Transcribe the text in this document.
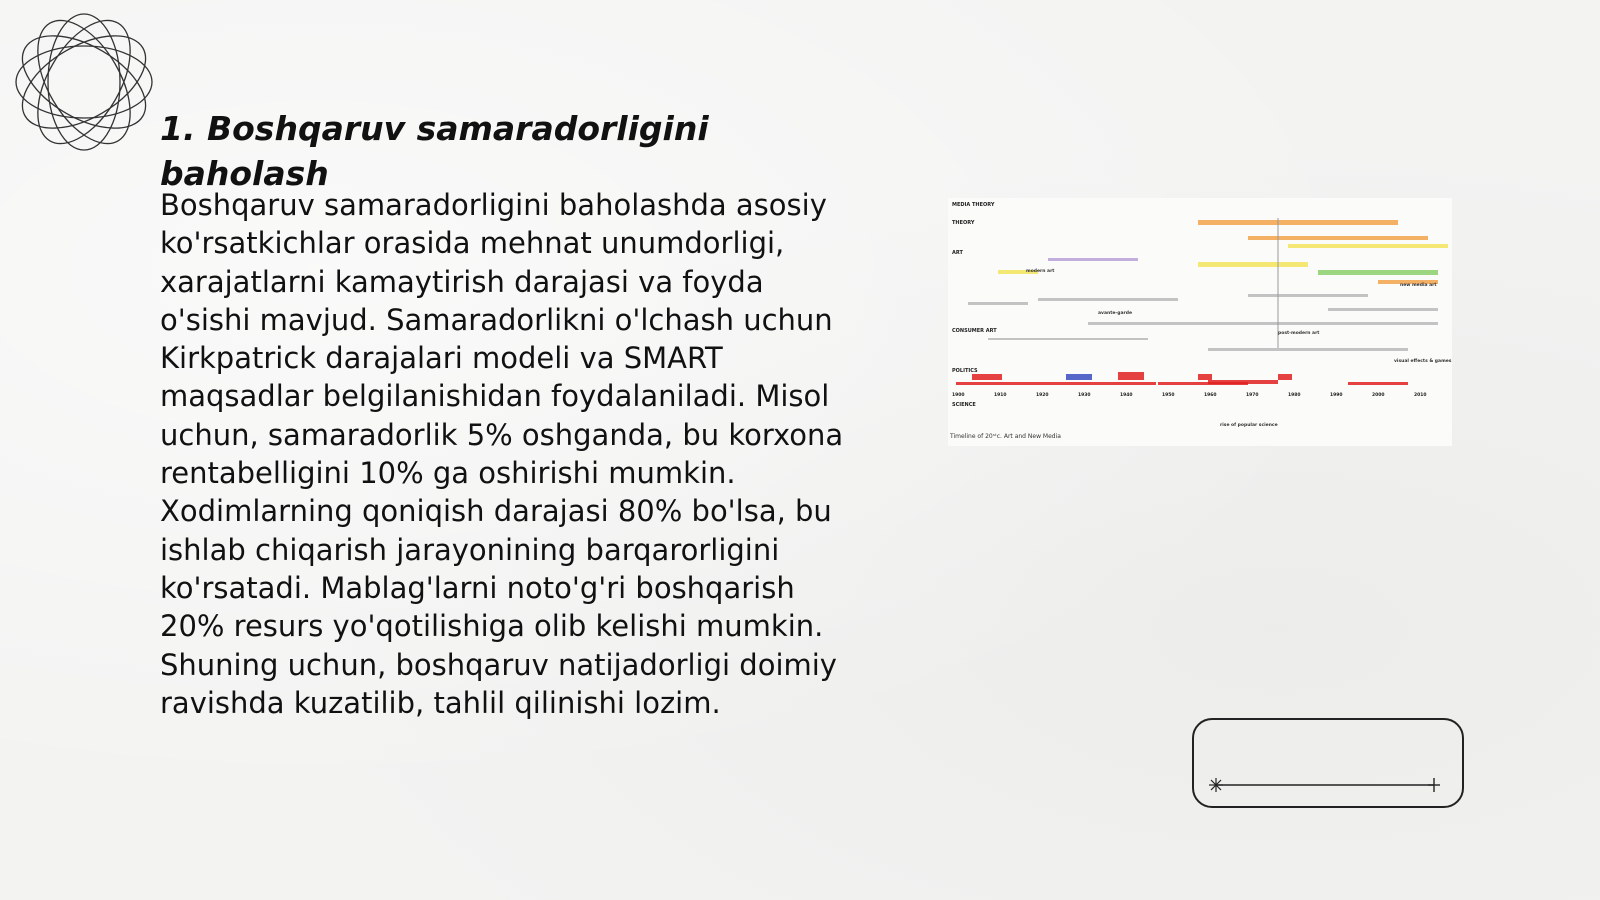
1. Boshqaruv samaradorligini baholash

Boshqaruv samaradorligini baholashda asosiy ko'rsatkichlar orasida mehnat unumdorligi, xarajatlarni kamaytirish darajasi va foyda o'sishi mavjud. Samaradorlikni o'lchash uchun Kirkpatrick darajalari modeli va SMART maqsadlar belgilanishidan foydalaniladi. Misol uchun, samaradorlik 5% oshganda, bu korxona rentabelligini 10% ga oshirishi mumkin. Xodimlarning qoniqish darajasi 80% bo'lsa, bu ishlab chiqarish jarayonining barqarorligini ko'rsatadi. Mablag'larni noto'g'ri boshqarish 20% resurs yo'qotilishiga olib kelishi mumkin. Shuning uchun, boshqaruv natijadorligi doimiy ravishda kuzatilib, tahlil qilinishi lozim.

MEDIA THEORY
THEORY
ART
CONSUMER ART
POLITICS
SCIENCE
modern art
avante-garde
post-modern art
new media art
visual effects & games
rise of popular science
1900	1910	1920	1930	1940	1950	1960	1970	1980	1990	2000	2010
Timeline of 20ˢᵗc. Art and New Media
